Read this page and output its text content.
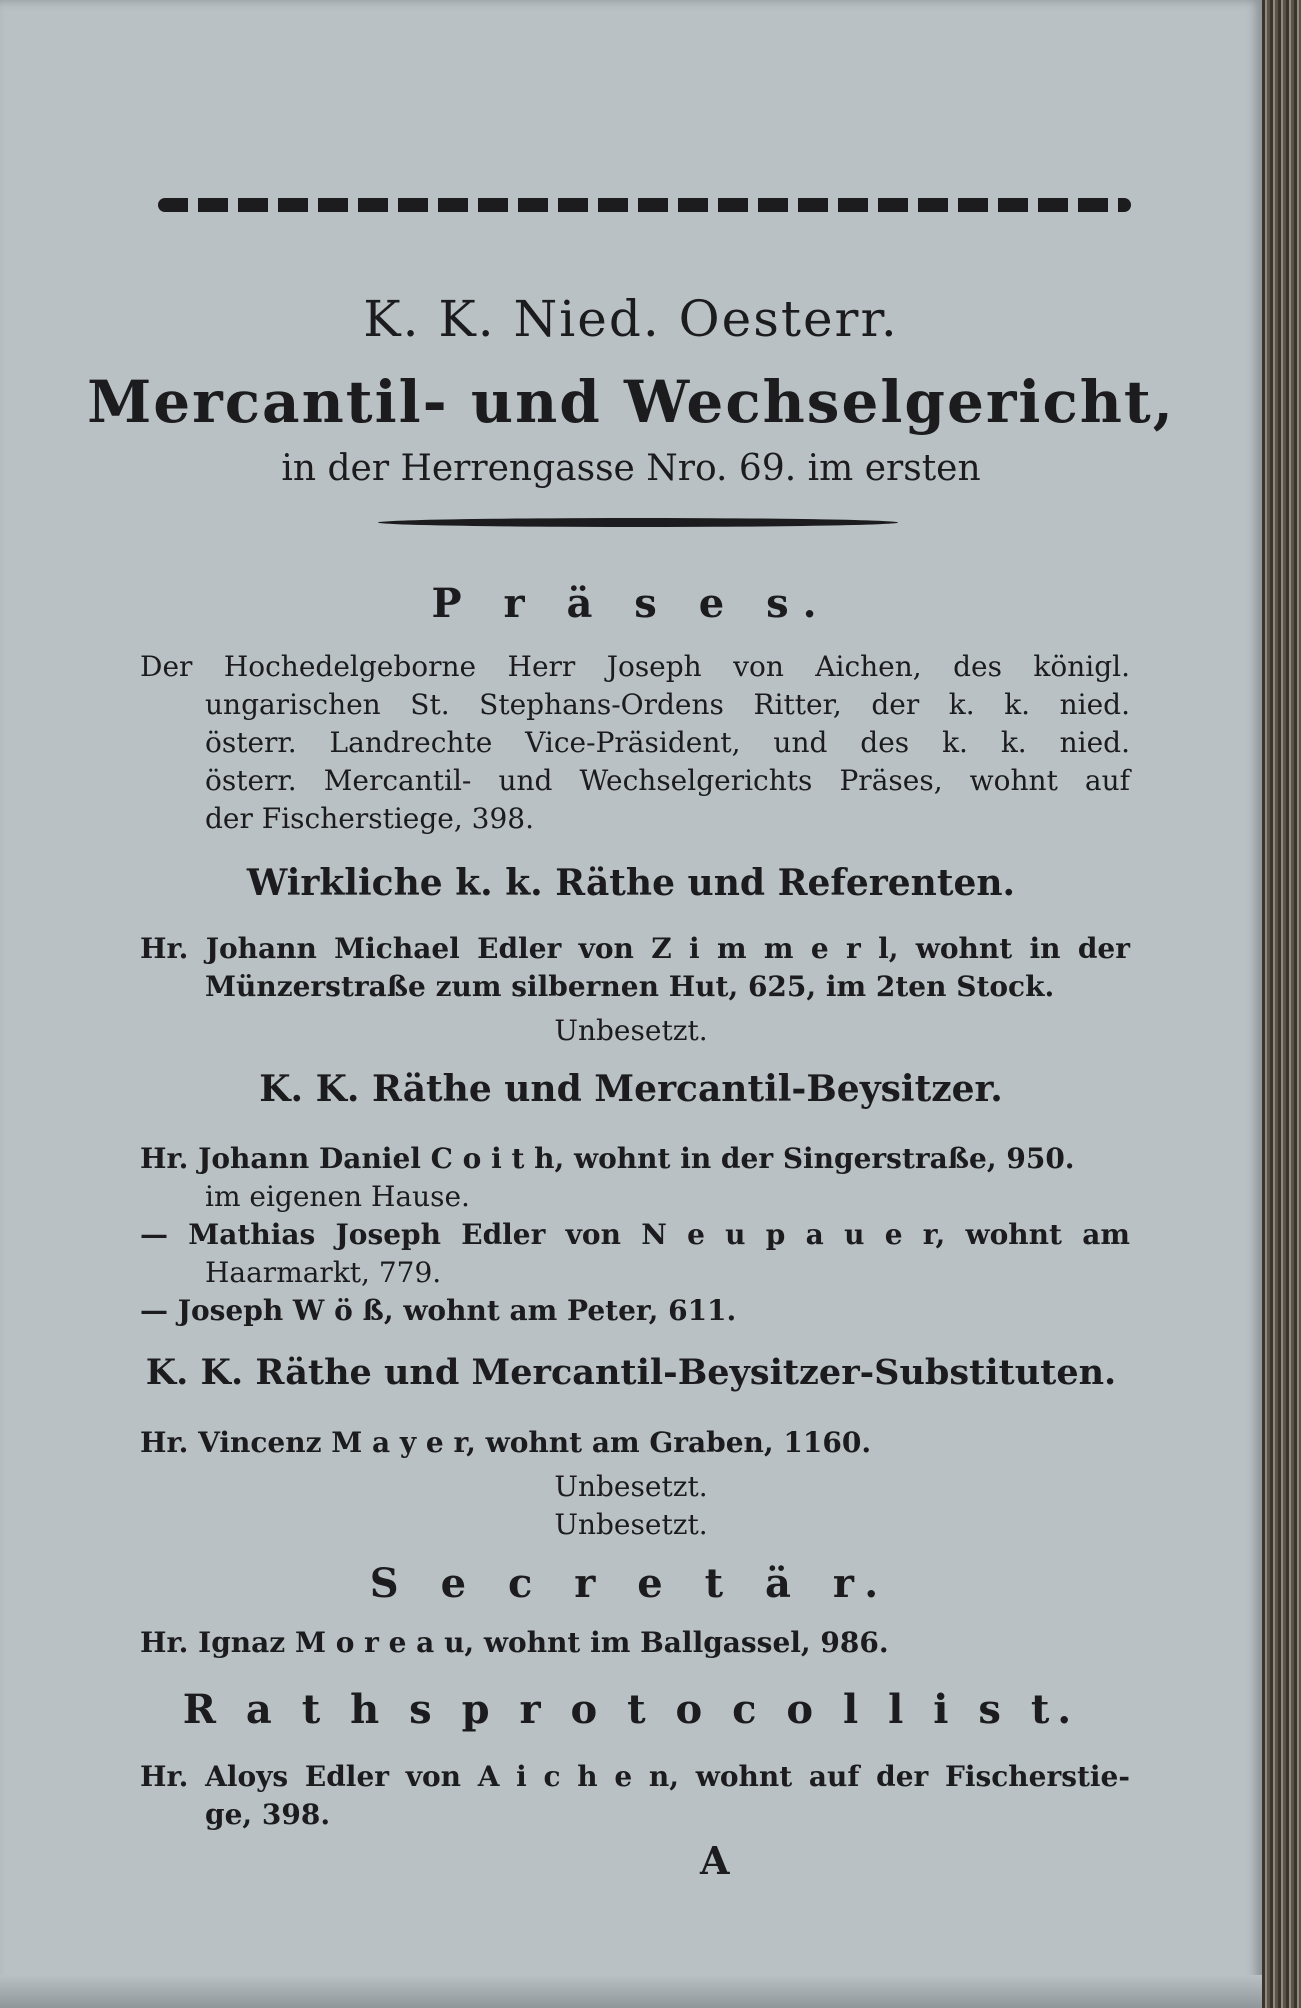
K. K. Nied. Oesterr.
Mercantil- und Wechselgericht,
in der Herrengasse Nro. 69. im ersten
P r ä s e s.
Der Hochedelgeborne Herr Joseph von Aichen, des königl.
ungarischen St. Stephans-Ordens Ritter, der k. k. nied.
österr. Landrechte Vice-Präsident, und des k. k. nied.
österr. Mercantil- und Wechselgerichts Präses, wohnt auf
der Fischerstiege, 398.
Wirkliche k. k. Räthe und Referenten.
Hr. Johann Michael Edler von Z i m m e r l, wohnt in der
Münzerstraße zum silbernen Hut, 625, im 2ten Stock.
Unbesetzt.
K. K. Räthe und Mercantil-Beysitzer.
Hr. Johann Daniel C o i t h, wohnt in der Singerstraße, 950.
im eigenen Hause.
— Mathias Joseph Edler von N e u p a u e r, wohnt am
Haarmarkt, 779.
— Joseph W ö ß, wohnt am Peter, 611.
K. K. Räthe und Mercantil-Beysitzer-Substituten.
Hr. Vincenz M a y e r, wohnt am Graben, 1160.
Unbesetzt.
Unbesetzt.
S e c r e t ä r.
Hr. Ignaz M o r e a u, wohnt im Ballgassel, 986.
R a t h s p r o t o c o l l i s t.
Hr. Aloys Edler von A i c h e n, wohnt auf der Fischerstie-
ge, 398.
A
